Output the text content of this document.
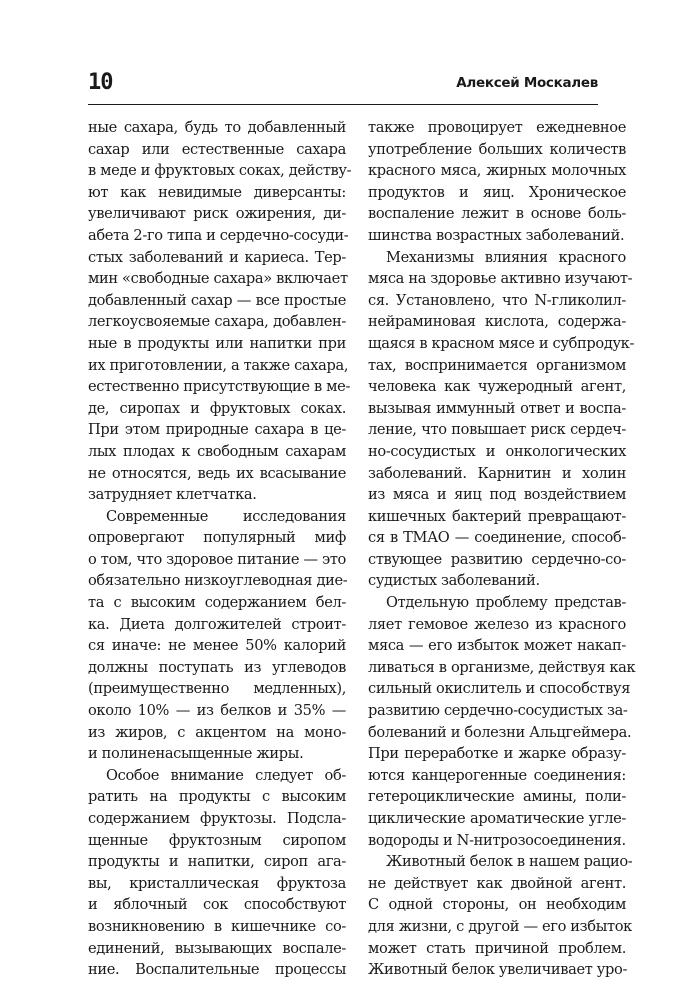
10	Алексей Москалев
ные сахара, будь то добавленный
сахар или естественные сахара
в меде и фруктовых соках, действу-
ют как невидимые диверсанты:
увеличивают риск ожирения, ди-
абета 2-го типа и сердечно-сосуди-
стых заболеваний и кариеса. Тер-
мин «свободные сахара» включает
добавленный сахар — все простые
легкоусвояемые сахара, добавлен-
ные в продукты или напитки при
их приготовлении, а также сахара,
естественно присутствующие в ме-
де, сиропах и фруктовых соках.
При этом природные сахара в це-
лых плодах к свободным сахарам
не относятся, ведь их всасывание
затрудняет клетчатка.
Современные исследования
опровергают популярный миф
о том, что здоровое питание — это
обязательно низкоуглеводная дие-
та с высоким содержанием бел-
ка. Диета долгожителей строит-
ся иначе: не менее 50% калорий
должны поступать из углеводов
(преимущественно медленных),
около 10% — из белков и 35% —
из жиров, с акцентом на моно-
и полиненасыщенные жиры.
Особое внимание следует об-
ратить на продукты с высоким
содержанием фруктозы. Подсла-
щенные фруктозным сиропом
продукты и напитки, сироп ага-
вы, кристаллическая фруктоза
и яблочный сок способствуют
возникновению в кишечнике со-
единений, вызывающих воспале-
ние. Воспалительные процессы
также провоцирует ежедневное
употребление больших количеств
красного мяса, жирных молочных
продуктов и яиц. Хроническое
воспаление лежит в основе боль-
шинства возрастных заболеваний.
Механизмы влияния красного
мяса на здоровье активно изучают-
ся. Установлено, что N-гликолил-
нейраминовая кислота, содержа-
щаяся в красном мясе и субпродук-
тах, воспринимается организмом
человека как чужеродный агент,
вызывая иммунный ответ и воспа-
ление, что повышает риск сердеч-
но-сосудистых и онкологических
заболеваний. Карнитин и холин
из мяса и яиц под воздействием
кишечных бактерий превращают-
ся в ТМАО — соединение, способ-
ствующее развитию сердечно-со-
судистых заболеваний.
Отдельную проблему представ-
ляет гемовое железо из красного
мяса — его избыток может накап-
ливаться в организме, действуя как
сильный окислитель и способствуя
развитию сердечно-сосудистых за-
болеваний и болезни Альцгеймера.
При переработке и жарке образу-
ются канцерогенные соединения:
гетероциклические амины, поли-
циклические ароматические угле-
водороды и N-нитрозосоединения.
Животный белок в нашем рацио-
не действует как двойной агент.
С одной стороны, он необходим
для жизни, с другой — его избыток
может стать причиной проблем.
Животный белок увеличивает уро-
